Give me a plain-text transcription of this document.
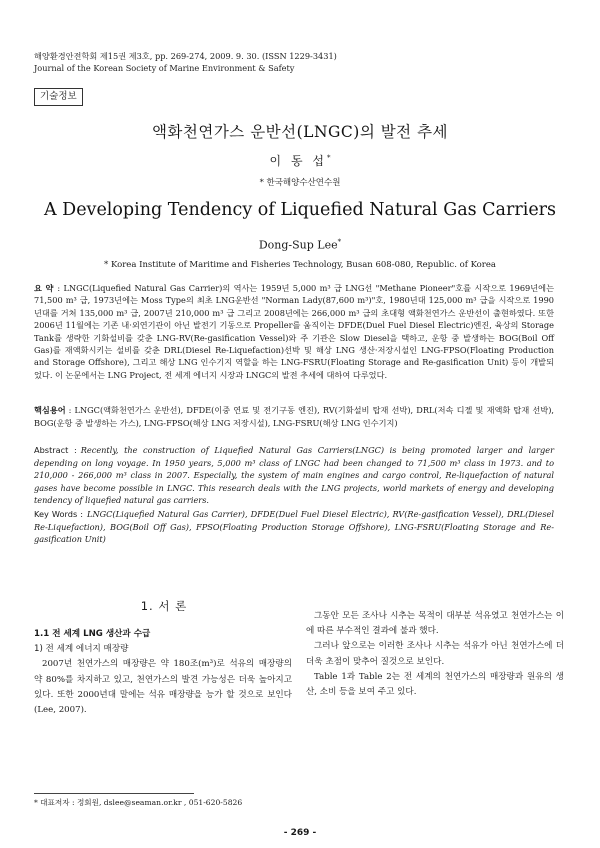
해양환경안전학회 제15권 제3호, pp. 269-274, 2009. 9. 30. (ISSN 1229-3431)
Journal of the Korean Society of Marine Environment & Safety
기술정보
액화천연가스 운반선(LNGC)의 발전 추세
이 동 섭*
* 한국해양수산연수원
A Developing Tendency of Liquefied Natural Gas Carriers
Dong-Sup Lee*
* Korea Institute of Maritime and Fisheries Technology, Busan 608-080, Republic. of Korea
요 약 : LNGC(Liquefied Natural Gas Carrier)의 역사는 1959년 5,000 m³ 급 LNG선 "Methane Pioneer"호를 시작으로 1969년에는 71,500 m³ 급, 1973년에는 Moss Type의 최초 LNG운반선 "Norman Lady(87,600 m³)"호, 1980년대 125,000 m³ 급을 시작으로 1990년대를 거쳐 135,000 m³ 급, 2007년 210,000 m³ 급 그리고 2008년에는 266,000 m³ 급의 초대형 액화천연가스 운반선이 출현하였다. 또한 2006년 11월에는 기존 내·외연기관이 아닌 발전기 기동으로 Propeller를 움직이는 DFDE(Duel Fuel Diesel Electric)엔진, 육상의 Storage Tank를 생략한 기화설비를 갖춘 LNG-RV(Re-gasification Vessel)와 주 기관은 Slow Diesel을 택하고, 운항 중 발생하는 BOG(Boil Off Gas)를 재액화시키는 설비를 갖춘 DRL(Diesel Re-Liquefaction)선박 및 해상 LNG 생산·저장시설인 LNG-FPSO(Floating Production and Storage Offshore), 그리고 해상 LNG 인수기지 역할을 하는 LNG-FSRU(Floating Storage and Re-gasification Unit) 등이 개발되었다. 이 논문에서는 LNG Project, 전 세계 에너지 시장과 LNGC의 발전 추세에 대하여 다루었다.
핵심용어 : LNGC(액화천연가스 운반선), DFDE(이중 연료 및 전기구동 엔진), RV(기화설비 탑재 선박), DRL(저속 디젤 및 재액화 탑재 선박), BOG(운항 중 발생하는 가스), LNG-FPSO(해상 LNG 저장시설), LNG-FSRU(해상 LNG 인수기지)
Abstract : Recently, the construction of Liquefied Natural Gas Carriers(LNGC) is being promoted larger and larger depending on long voyage. In 1950 years, 5,000 m³ class of LNGC had been changed to 71,500 m³ class in 1973. and to 210,000 - 266,000 m³ class in 2007. Especially, the system of main engines and cargo control, Re-liquefaction of natural gases have become possible in LNGC. This research deals with the LNG projects, world markets of energy and developing tendency of liquefied natural gas carriers.
Key Words : LNGC(Liquefied Natural Gas Carrier), DFDE(Duel Fuel Diesel Electric), RV(Re-gasification Vessel), DRL(Diesel Re-Liquefaction), BOG(Boil Off Gas), FPSO(Floating Production Storage Offshore), LNG-FSRU(Floating Storage and Re-gasification Unit)
1. 서 론
1.1 전 세계 LNG 생산과 수급
1) 전 세계 에너지 매장량
2007년 천연가스의 매장량은 약 180조(m³)로 석유의 매장량의 약 80%를 차지하고 있고, 천연가스의 발견 가능성은 더욱 높아지고 있다. 또한 2000년대 말에는 석유 매장량을 능가 할 것으로 보인다(Lee, 2007).
그동안 모든 조사나 시추는 목적이 대부분 석유였고 천연가스는 이에 따른 부수적인 결과에 불과 했다.
그러나 앞으로는 이러한 조사나 시추는 석유가 아닌 천연가스에 더더욱 초점이 맞추어 질것으로 보인다.
Table 1과 Table 2는 전 세계의 천연가스의 매장량과 원유의 생산, 소비 등을 보여 주고 있다.
* 대표저자 : 정회원, dslee@seaman.or.kr , 051-620-5826
- 269 -
